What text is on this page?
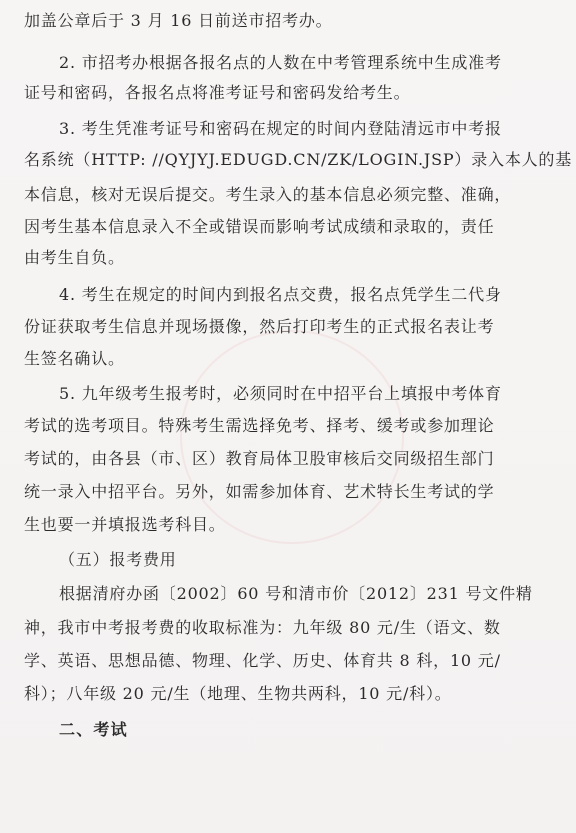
加盖公章后于 3 月 16 日前送市招考办。
2. 市招考办根据各报名点的人数在中考管理系统中生成准考
证号和密码，各报名点将准考证号和密码发给考生。
3. 考生凭准考证号和密码在规定的时间内登陆清远市中考报
名系统（HTTP: //QYJYJ.EDUGD.CN/ZK/LOGIN.JSP）录入本人的基
本信息，核对无误后提交。考生录入的基本信息必须完整、准确，
因考生基本信息录入不全或错误而影响考试成绩和录取的，责任
由考生自负。
4. 考生在规定的时间内到报名点交费，报名点凭学生二代身
份证获取考生信息并现场摄像，然后打印考生的正式报名表让考
生签名确认。
5. 九年级考生报考时，必须同时在中招平台上填报中考体育
考试的选考项目。特殊考生需选择免考、择考、缓考或参加理论
考试的，由各县（市、区）教育局体卫股审核后交同级招生部门
统一录入中招平台。另外，如需参加体育、艺术特长生考试的学
生也要一并填报选考科目。
（五）报考费用
根据清府办函〔2002〕60 号和清市价〔2012〕231 号文件精
神，我市中考报考费的收取标准为：九年级 80 元/生（语文、数
学、英语、思想品德、物理、化学、历史、体育共 8 科，10 元/
科）；八年级 20 元/生（地理、生物共两科，10 元/科）。
二、考试
